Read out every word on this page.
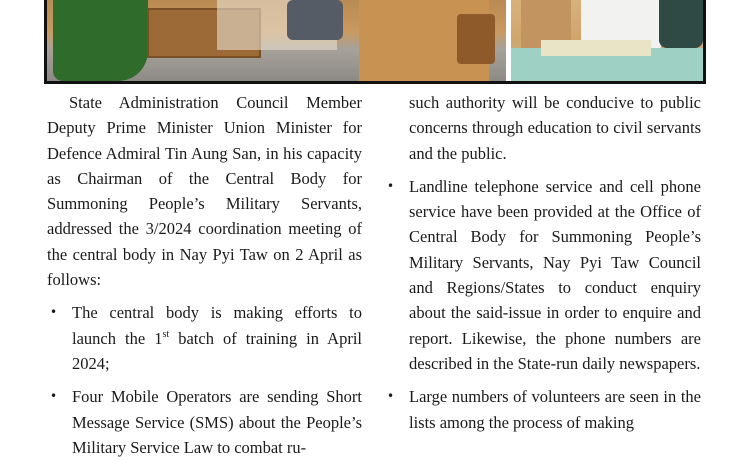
State Administration Council Member Deputy Prime Minister Union Minister for Defence Admiral Tin Aung San, in his capacity as Chairman of the Central Body for Summoning People’s Military Servants, addressed the 3/2024 coordination meeting of the central body in Nay Pyi Taw on 2 April as follows:

• The central body is making efforts to launch the 1st batch of training in April 2024;

• Four Mobile Operators are sending Short Message Service (SMS) about the People’s Military Service Law to combat ru-

such authority will be conducive to public concerns through education to civil servants and the public.

• Landline telephone service and cell phone service have been provided at the Office of Central Body for Summoning People’s Military Servants, Nay Pyi Taw Council and Regions/States to conduct enquiry about the said-issue in order to enquire and report. Likewise, the phone numbers are described in the State-run daily newspapers.

• Large numbers of volunteers are seen in the lists among the process of making
